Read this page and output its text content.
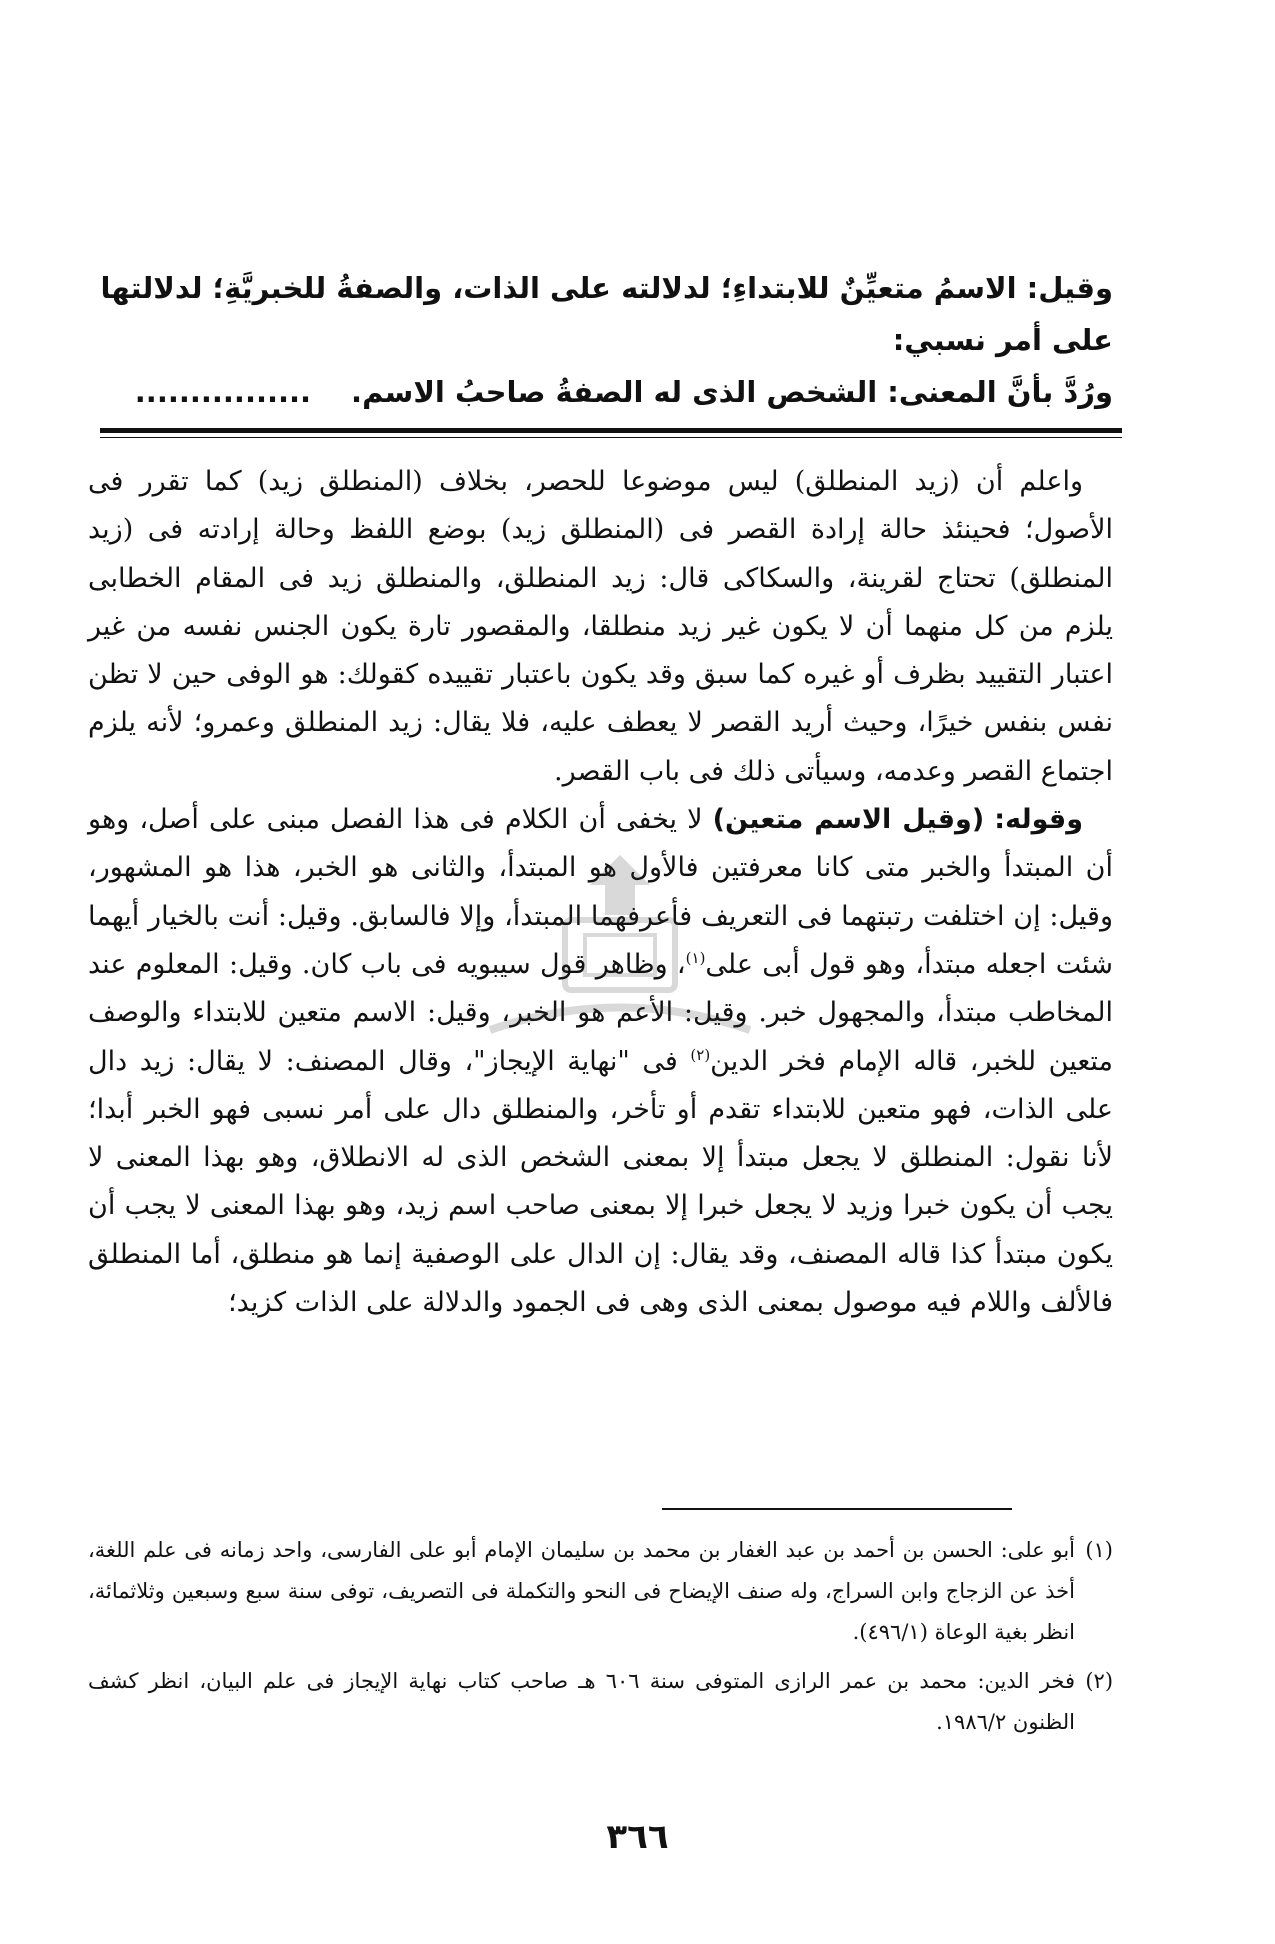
وقيل: الاسمُ متعيِّنٌ للابتداءِ؛ لدلالته على الذات، والصفةُ للخبريَّةِ؛ لدلالتها على أمر نسبي:

ورُدَّ بأنَّ المعنى: الشخص الذى له الصفةُ صاحبُ الاسم.................

واعلم أن (زيد المنطلق) ليس موضوعا للحصر، بخلاف (المنطلق زيد) كما تقرر فى الأصول؛ فحينئذ حالة إرادة القصر فى (المنطلق زيد) بوضع اللفظ وحالة إرادته فى (زيد المنطلق) تحتاج لقرينة، والسكاكى قال: زيد المنطلق، والمنطلق زيد فى المقام الخطابى يلزم من كل منهما أن لا يكون غير زيد منطلقا، والمقصور تارة يكون الجنس نفسه من غير اعتبار التقييد بظرف أو غيره كما سبق وقد يكون باعتبار تقييده كقولك: هو الوفى حين لا تظن نفس بنفس خيرًا، وحيث أريد القصر لا يعطف عليه، فلا يقال: زيد المنطلق وعمرو؛ لأنه يلزم اجتماع القصر وعدمه، وسيأتى ذلك فى باب القصر.

وقوله: (وقيل الاسم متعين) لا يخفى أن الكلام فى هذا الفصل مبنى على أصل، وهو أن المبتدأ والخبر متى كانا معرفتين فالأول هو المبتدأ، والثانى هو الخبر، هذا هو المشهور، وقيل: إن اختلفت رتبتهما فى التعريف فأعرفهما المبتدأ، وإلا فالسابق. وقيل: أنت بالخيار أيهما شئت اجعله مبتدأ، وهو قول أبى على$^{(١)}$، وظاهر قول سيبويه فى باب كان. وقيل: المعلوم عند المخاطب مبتدأ، والمجهول خبر. وقيل: الأعم هو الخبر، وقيل: الاسم متعين للابتداء والوصف متعين للخبر، قاله الإمام فخر الدين$^{(٢)}$ فى "نهاية الإيجاز"، وقال المصنف: لا يقال: زيد دال على الذات، فهو متعين للابتداء تقدم أو تأخر، والمنطلق دال على أمر نسبى فهو الخبر أبدا؛ لأنا نقول: المنطلق لا يجعل مبتدأ إلا بمعنى الشخص الذى له الانطلاق، وهو بهذا المعنى لا يجب أن يكون خبرا وزيد لا يجعل خبرا إلا بمعنى صاحب اسم زيد، وهو بهذا المعنى لا يجب أن يكون مبتدأ كذا قاله المصنف، وقد يقال: إن الدال على الوصفية إنما هو منطلق، أما المنطلق فالألف واللام فيه موصول بمعنى الذى وهى فى الجمود والدلالة على الذات كزيد؛

(١)أبو على: الحسن بن أحمد بن عبد الغفار بن محمد بن سليمان الإمام أبو على الفارسى، واحد زمانه فى علم اللغة، أخذ عن الزجاج وابن السراج، وله صنف الإيضاح فى النحو والتكملة فى التصريف، توفى سنة سبع وسبعين وثلاثمائة، انظر بغية الوعاة (٤٩٦/١).

(٢)فخر الدين: محمد بن عمر الرازى المتوفى سنة ٦٠٦ هـ صاحب كتاب نهاية الإيجاز فى علم البيان، انظر كشف الظنون ١٩٨٦/٢.

٣٦٦
